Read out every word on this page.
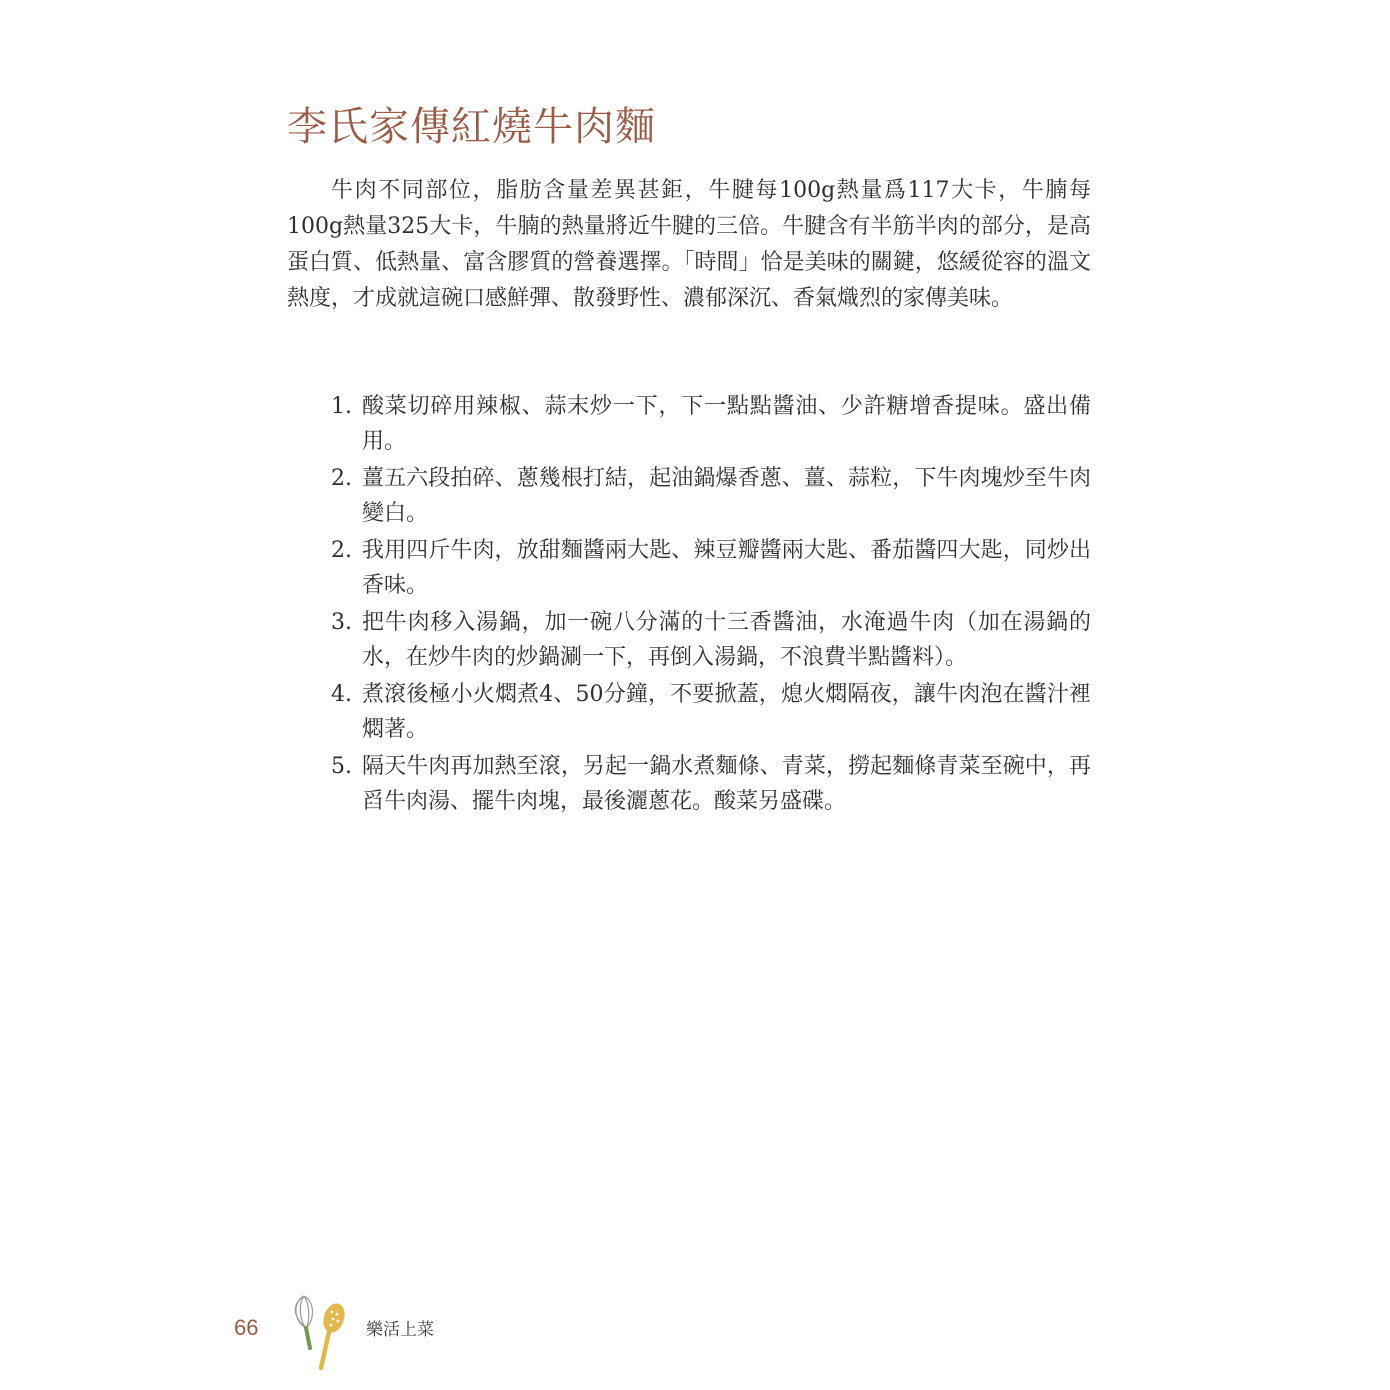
李氏家傳紅燒牛肉麵

牛肉不同部位，脂肪含量差異甚鉅，牛腱每100g熱量爲117大卡，牛腩每100g熱量325大卡，牛腩的熱量將近牛腱的三倍。牛腱含有半筋半肉的部分，是高蛋白質、低熱量、富含膠質的營養選擇。「時間」恰是美味的關鍵，悠緩從容的溫文熱度，才成就這碗口感鮮彈、散發野性、濃郁深沉、香氣熾烈的家傳美味。

1. 酸菜切碎用辣椒、蒜末炒一下，下一點點醬油、少許糖增香提味。盛出備用。
2. 薑五六段拍碎、蔥幾根打結，起油鍋爆香蔥、薑、蒜粒，下牛肉塊炒至牛肉變白。
2. 我用四斤牛肉，放甜麵醬兩大匙、辣豆瓣醬兩大匙、番茄醬四大匙，同炒出香味。
3. 把牛肉移入湯鍋，加一碗八分滿的十三香醬油，水淹過牛肉（加在湯鍋的水，在炒牛肉的炒鍋涮一下，再倒入湯鍋，不浪費半點醬料）。
4. 煮滾後極小火燜煮4、50分鐘，不要掀蓋，熄火燜隔夜，讓牛肉泡在醬汁裡燜著。
5. 隔天牛肉再加熱至滾，另起一鍋水煮麵條、青菜，撈起麵條青菜至碗中，再舀牛肉湯、擺牛肉塊，最後灑蔥花。酸菜另盛碟。
66	樂活上菜
